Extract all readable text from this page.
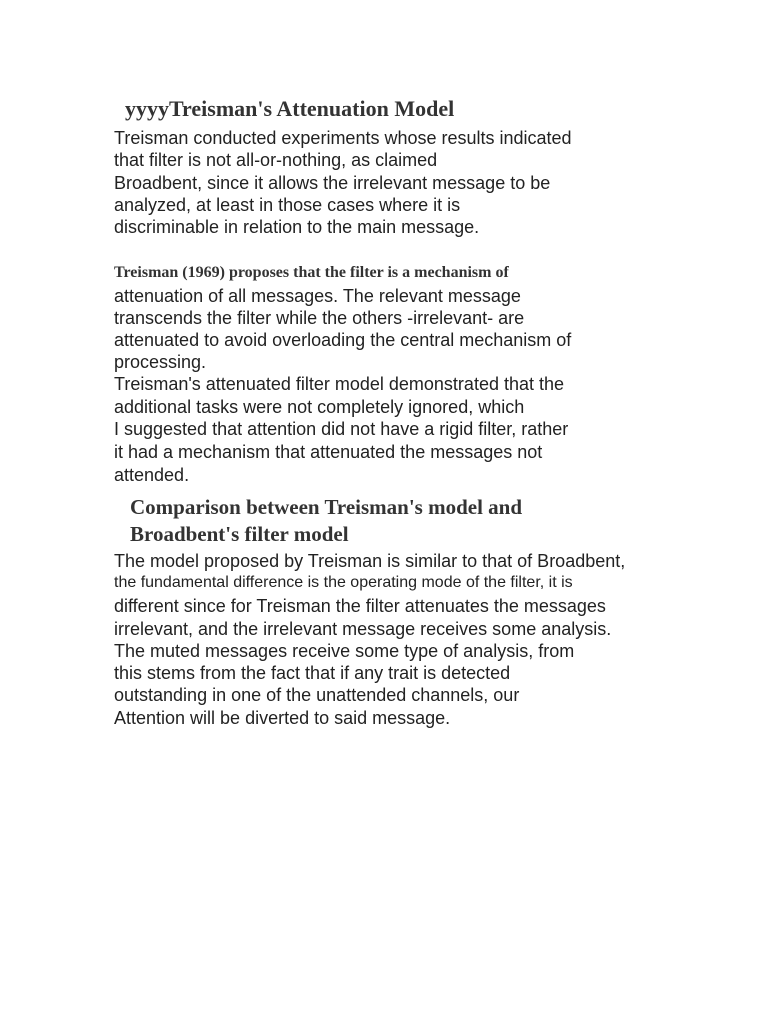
yyyyTreisman's Attenuation Model
Treisman conducted experiments whose results indicated
that filter is not all-or-nothing, as claimed
Broadbent, since it allows the irrelevant message to be
analyzed, at least in those cases where it is
discriminable in relation to the main message.
Treisman (1969) proposes that the filter is a mechanism of
attenuation of all messages. The relevant message
transcends the filter while the others -irrelevant- are
attenuated to avoid overloading the central mechanism of
processing.
Treisman's attenuated filter model demonstrated that the
additional tasks were not completely ignored, which
I suggested that attention did not have a rigid filter, rather
it had a mechanism that attenuated the messages not
attended.
Comparison between Treisman's model and
Broadbent's filter model
The model proposed by Treisman is similar to that of Broadbent,
the fundamental difference is the operating mode of the filter, it is
different since for Treisman the filter attenuates the messages
irrelevant, and the irrelevant message receives some analysis.
The muted messages receive some type of analysis, from
this stems from the fact that if any trait is detected
outstanding in one of the unattended channels, our
Attention will be diverted to said message.
